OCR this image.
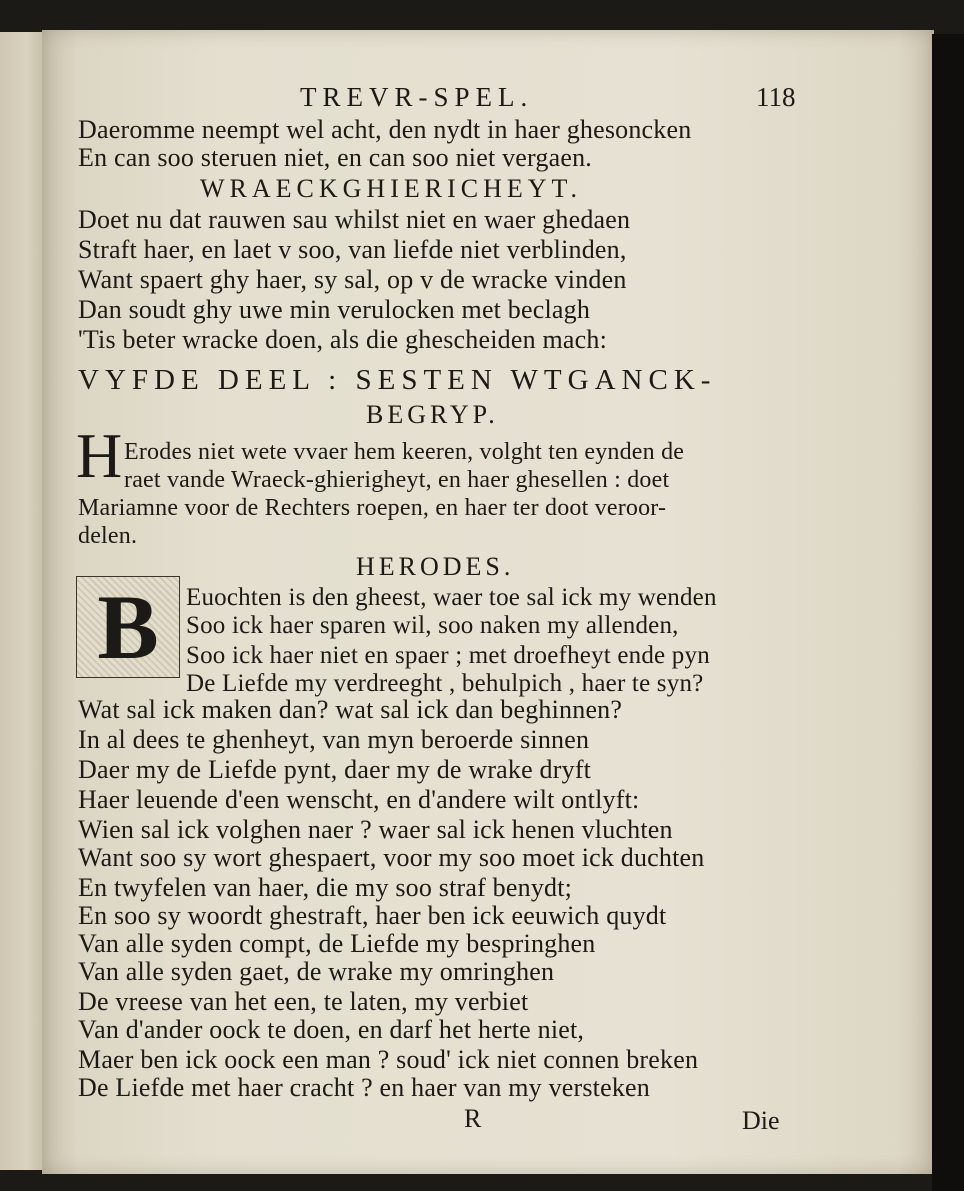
TREVR-SPEL.	118
Daeromme neempt wel acht, den nydt in haer ghesoncken
En can soo steruen niet, en can soo niet vergaen.
WRAECKGHIERICHEYT.
Doet nu dat rauwen sau whilst niet en waer ghedaen
Straft haer, en laet v soo, van liefde niet verblinden,
Want spaert ghy haer, sy sal, op v de wracke vinden
Dan soudt ghy uwe min verulocken met beclagh
'Tis beter wracke doen, als die ghescheiden mach:
VYFDE DEEL : SESTEN WTGANCK-
BEGRYP.
H Erodes niet wete vvaer hem keeren, volght ten eynden de
raet vande Wraeck-ghierigheyt, en haer ghesellen : doet
Mariamne voor de Rechters roepen, en haer ter doot veroor-
delen.
HERODES.
B Euochten is den gheest, waer toe sal ick my wenden
Soo ick haer sparen wil, soo naken my allenden,
Soo ick haer niet en spaer ; met droefheyt ende pyn
De Liefde my verdreeght , behulpich , haer te syn?
Wat sal ick maken dan? wat sal ick dan beghinnen?
In al dees te ghenheyt, van myn beroerde sinnen
Daer my de Liefde pynt, daer my de wrake dryft
Haer leuende d'een wenscht, en d'andere wilt ontlyft:
Wien sal ick volghen naer ? waer sal ick henen vluchten
Want soo sy wort ghespaert, voor my soo moet ick duchten
En twyfelen van haer, die my soo straf benydt;
En soo sy woordt ghestraft, haer ben ick eeuwich quydt
Van alle syden compt, de Liefde my bespringhen
Van alle syden gaet, de wrake my omringhen
De vreese van het een, te laten, my verbiet
Van d'ander oock te doen, en darf het herte niet,
Maer ben ick oock een man ? soud' ick niet connen breken
De Liefde met haer cracht ? en haer van my versteken
R	Die
